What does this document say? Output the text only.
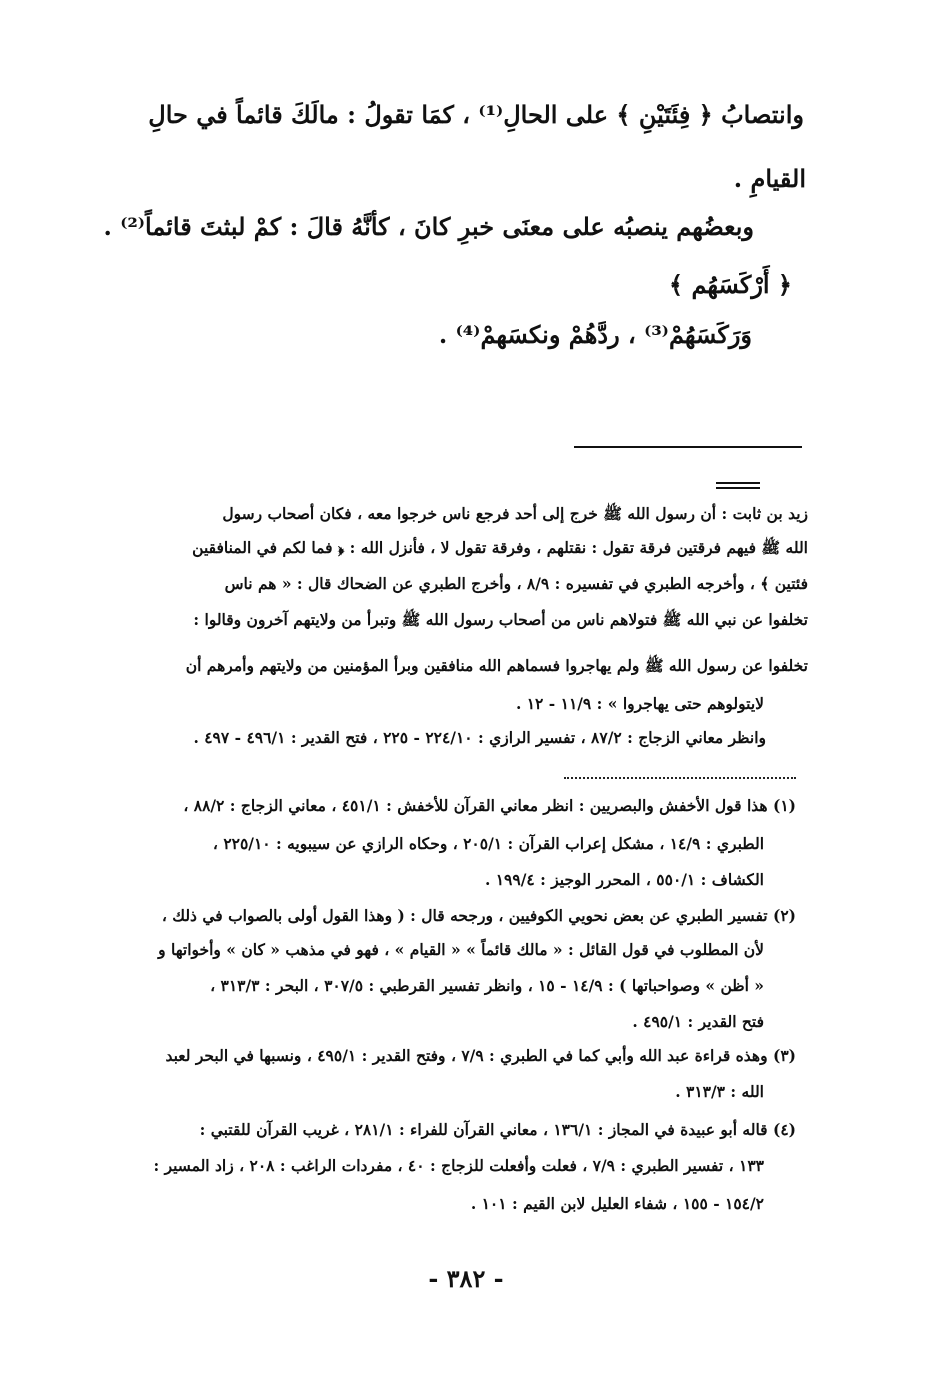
وانتصابُ ﴿ فِئَتَيْنِ ﴾ على الحالِ⁽¹⁾ ، كمَا تقولُ : مالَكَ قائماً في حالِ
القيامِ .
وبعضُهم ينصبُه على معنَى خبرِ كانَ ، كأنَّهُ قالَ : كمْ لبثتَ قائماً⁽²⁾ .
﴿ أَرْكَسَهُم ﴾
وَرَكَسَهُمْ⁽³⁾ ، ردَّهُمْ ونكسَهمْ⁽⁴⁾ .
زيد بن ثابت : أن رسول الله ﷺ خرج إلى أحد فرجع ناس خرجوا معه ، فكان أصحاب رسول
الله ﷺ فيهم فرقتين فرقة تقول : نقتلهم ، وفرقة تقول لا ، فأنزل الله : ﴿ فما لكم في المنافقين
فئتين ﴾ ، وأخرجه الطبري في تفسيره : ٨/٩ ، وأخرج الطبري عن الضحاك قال : « هم ناس
تخلفوا عن نبي الله ﷺ فتولاهم ناس من أصحاب رسول الله ﷺ وتبرأ من ولايتهم آخرون وقالوا :
تخلفوا عن رسول الله ﷺ ولم يهاجروا فسماهم الله منافقين وبرأ المؤمنين من ولايتهم وأمرهم أن
لايتولوهم حتى يهاجروا » : ١١/٩ - ١٢ .
وانظر معاني الزجاج : ٨٧/٢ ، تفسير الرازي : ٢٢٤/١٠ - ٢٢٥ ، فتح القدير : ٤٩٦/١ - ٤٩٧ .
(١) هذا قول الأخفش والبصريين : انظر معاني القرآن للأخفش : ٤٥١/١ ، معاني الزجاج : ٨٨/٢ ،
الطبري : ١٤/٩ ، مشكل إعراب القرآن : ٢٠٥/١ ، وحكاه الرازي عن سيبويه : ٢٢٥/١٠ ،
الكشاف : ٥٥٠/١ ، المحرر الوجيز : ١٩٩/٤ .
(٢) تفسير الطبري عن بعض نحويي الكوفيين ، ورجحه قال : ( وهذا القول أولى بالصواب في ذلك ،
لأن المطلوب في قول القائل : « مالك قائماً » « القيام » ، فهو في مذهب « كان » وأخواتها و
« أظن » وصواحباتها ) : ١٤/٩ - ١٥ ، وانظر تفسير القرطبي : ٣٠٧/٥ ، البحر : ٣١٣/٣ ،
فتح القدير : ٤٩٥/١ .
(٣) وهذه قراءة عبد الله وأبي كما في الطبري : ٧/٩ ، وفتح القدير : ٤٩٥/١ ، ونسبها في البحر لعبد
الله : ٣١٣/٣ .
(٤) قاله أبو عبيدة في المجاز : ١٣٦/١ ، معاني القرآن للفراء : ٢٨١/١ ، غريب القرآن للقتبي :
١٣٣ ، تفسير الطبري : ٧/٩ ، فعلت وأفعلت للزجاج : ٤٠ ، مفردات الراغب : ٢٠٨ ، زاد المسير :
١٥٤/٢ - ١٥٥ ، شفاء العليل لابن القيم : ١٠١ .
- ٣٨٢ -
